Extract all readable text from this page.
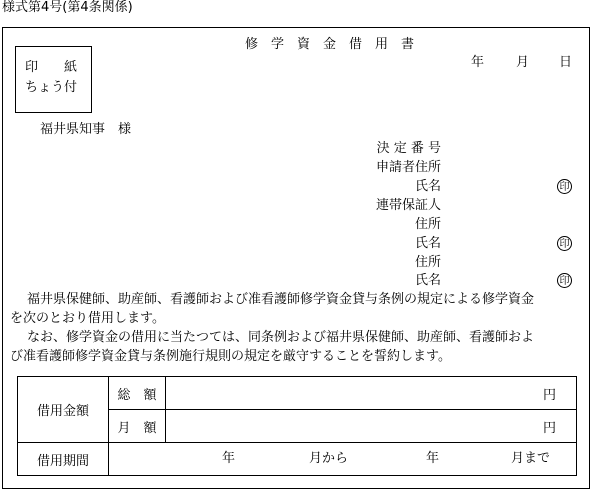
様式第4号(第4条関係)
印　　紙
ちょう付
修　学　資　金　借　用　書
年 月 日
福井県知事　様
決 定 番 号
申請者住所
氏名	印
連帯保証人
住所
氏名	印
住所
氏名	印
福井県保健師、助産師、看護師および准看護師修学資金貸与条例の規定による修学資金
を次のとおり借用します。
なお、修学資金の借用に当たつては、同条例および福井県保健師、助産師、看護師およ
び准看護師修学資金貸与条例施行規則の規定を厳守することを誓約します。
借用金額	総　額	円
	月　額	円
借用期間	年 月から 年 月まで	
